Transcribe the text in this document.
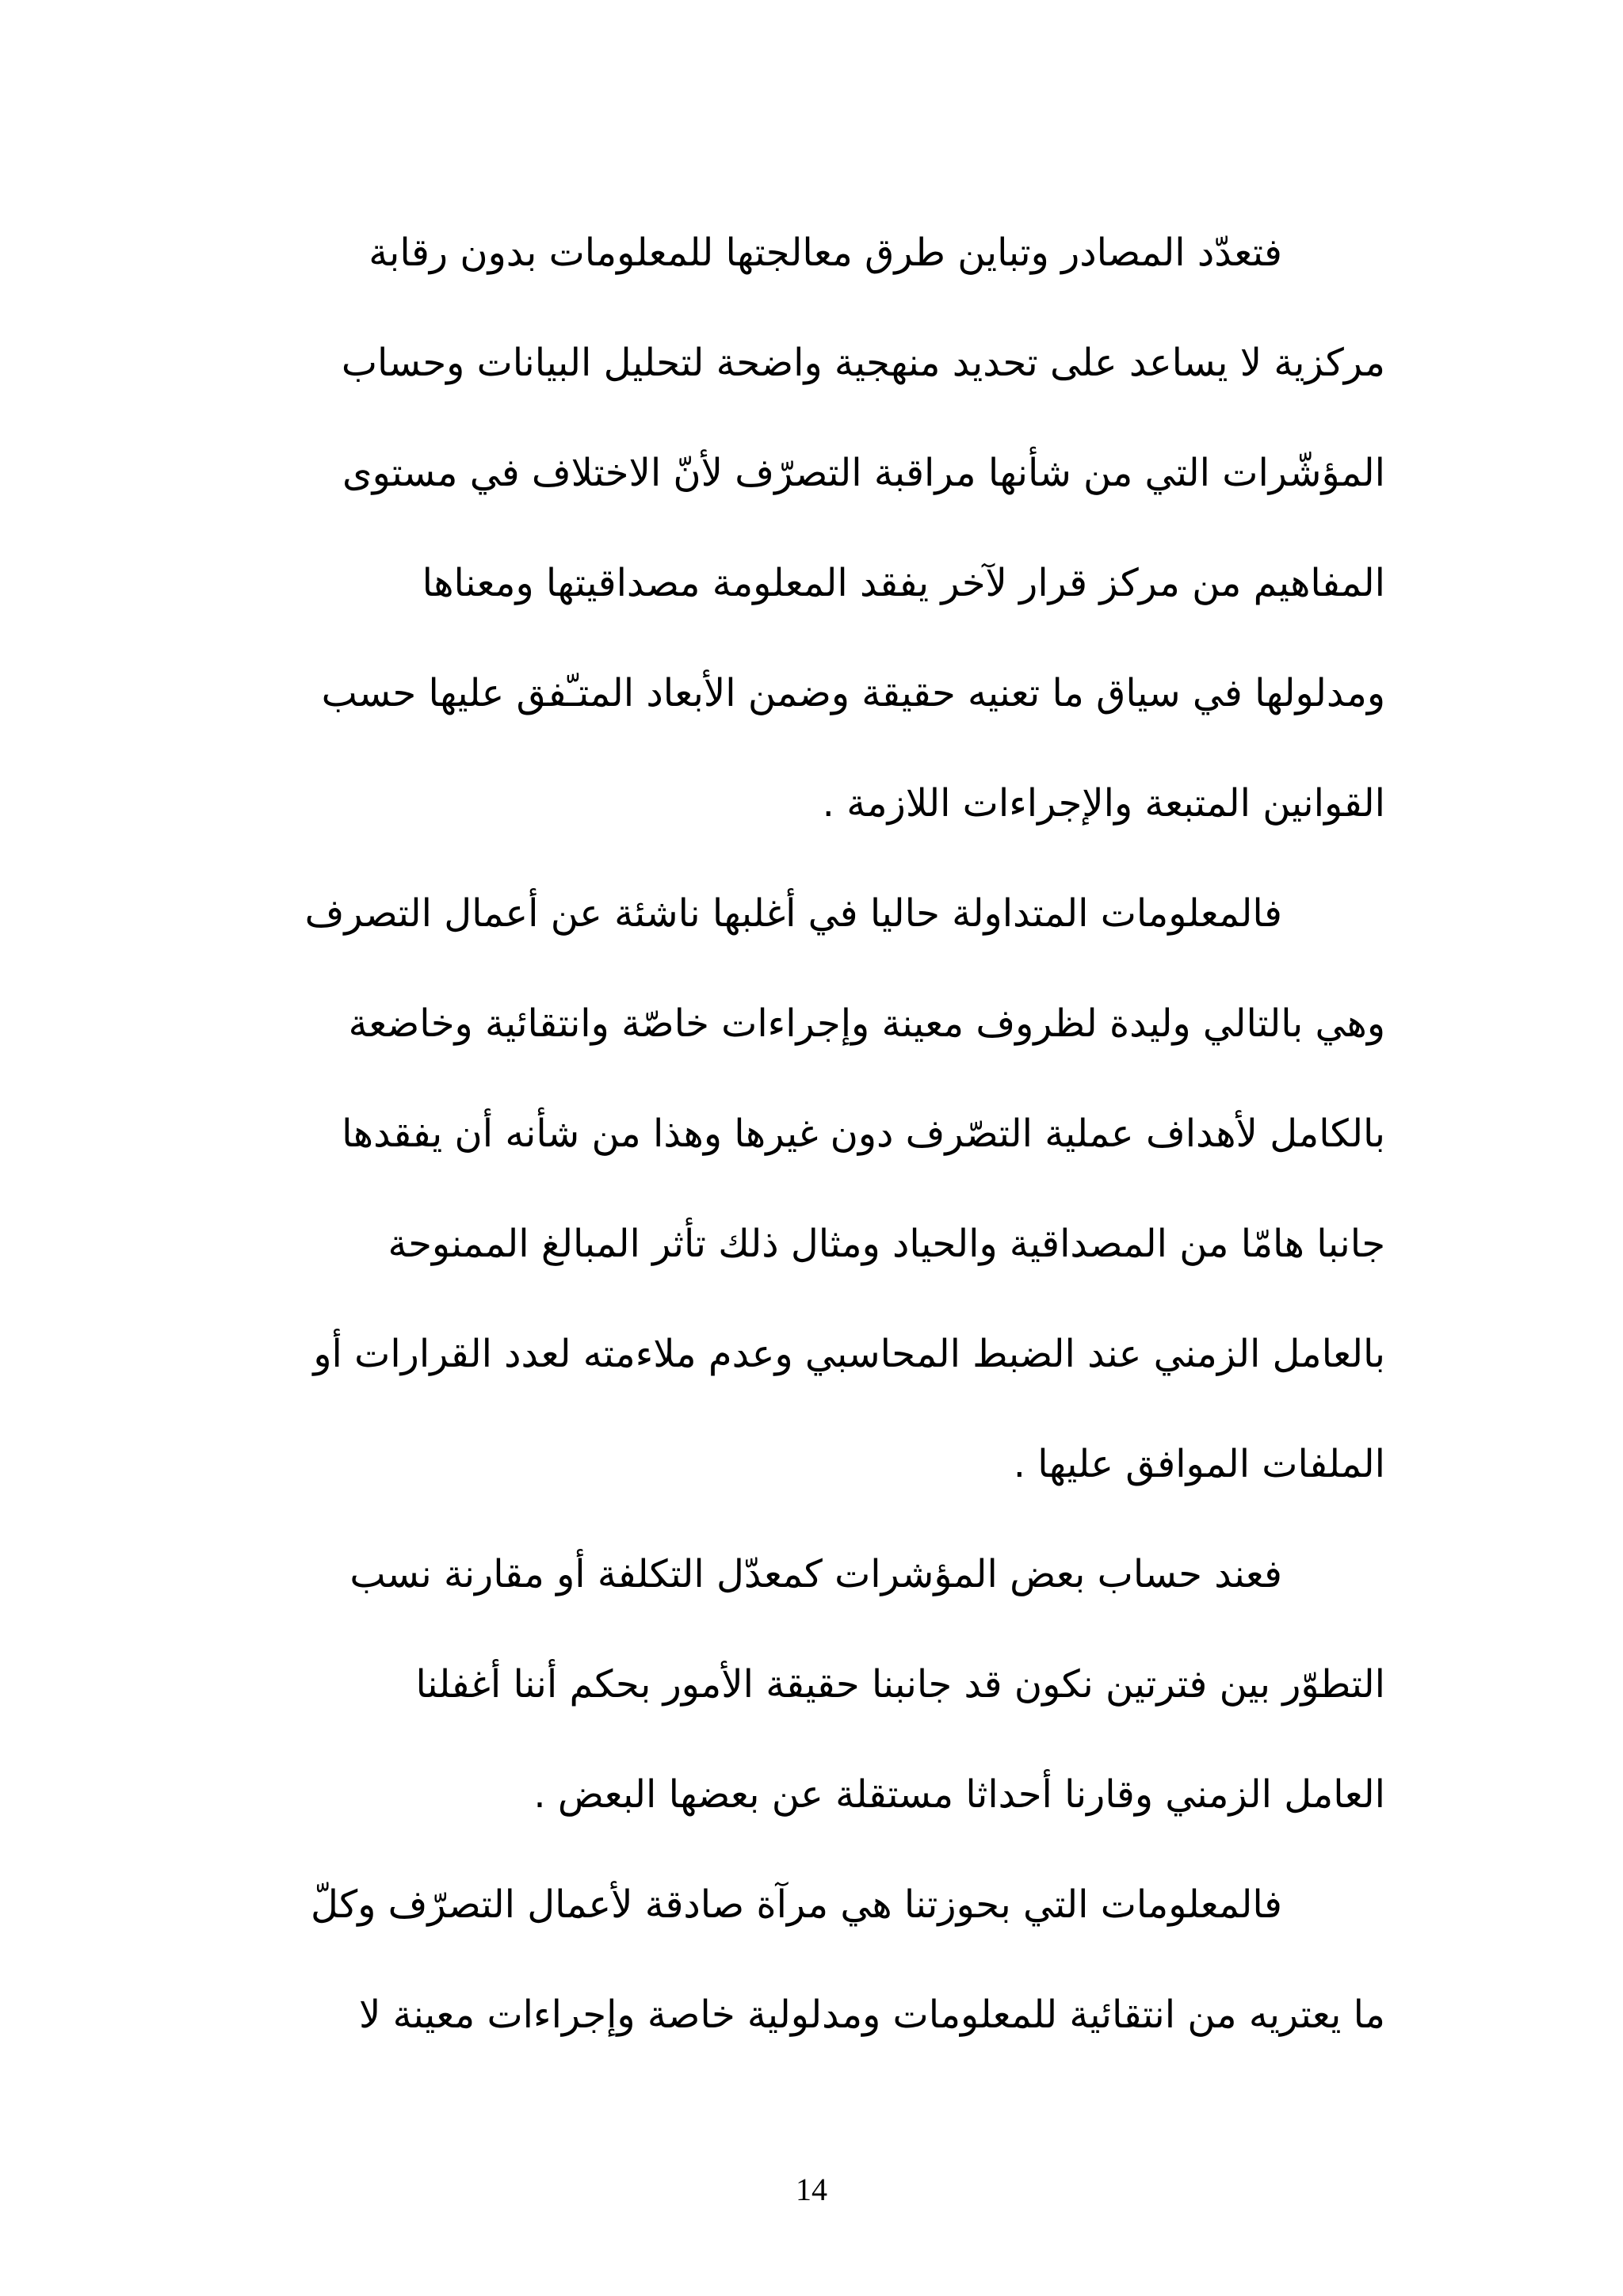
فتعدّد المصادر وتباين طرق معالجتها للمعلومات بدون رقابة
مركزية لا يساعد على تحديد منهجية واضحة لتحليل البيانات وحساب
المؤشّرات التي من شأنها مراقبة التصرّف لأنّ الاختلاف في مستوى
المفاهيم من مركز قرار لآخر يفقد المعلومة مصداقيتها ومعناها
ومدلولها في سياق ما تعنيه حقيقة وضمن الأبعاد المتـّفق عليها حسب
القوانين المتبعة والإجراءات اللازمة .
فالمعلومات المتداولة حاليا في أغلبها ناشئة عن أعمال التصرف
وهي بالتالي وليدة لظروف معينة وإجراءات خاصّة وانتقائية وخاضعة
بالكامل لأهداف عملية التصّرف دون غيرها وهذا من شأنه أن يفقدها
جانبا هامّا من المصداقية والحياد ومثال ذلك تأثر المبالغ الممنوحة
بالعامل الزمني عند الضبط المحاسبي وعدم ملاءمته لعدد القرارات أو
الملفات الموافق عليها .
فعند حساب بعض المؤشرات كمعدّل التكلفة أو مقارنة نسب
التطوّر بين فترتين نكون قد جانبنا حقيقة الأمور بحكم أننا أغفلنا
العامل الزمني وقارنا أحداثا مستقلة عن بعضها البعض .
فالمعلومات التي بحوزتنا هي مرآة صادقة لأعمال التصرّف وكلّ
ما يعتريه من انتقائية للمعلومات ومدلولية خاصة وإجراءات معينة لا
14
